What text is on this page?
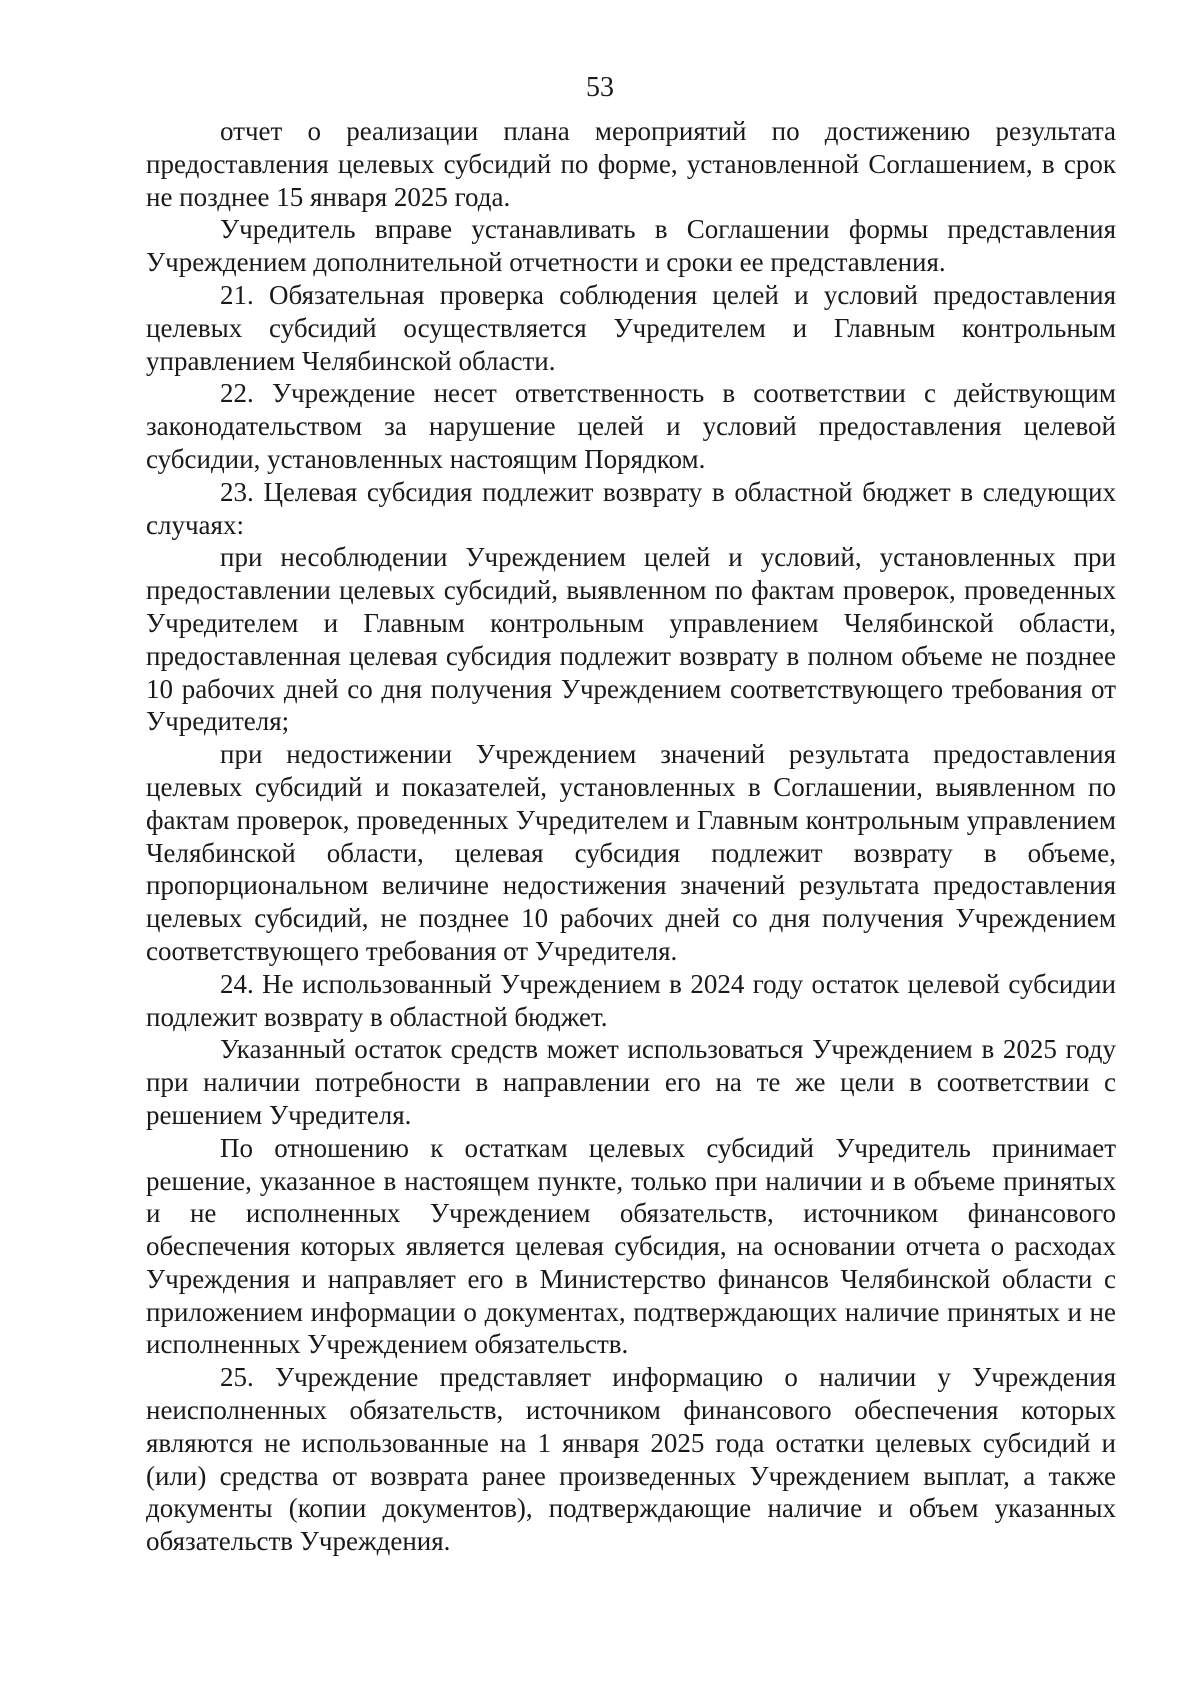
53

отчет о реализации плана мероприятий по достижению результата предоставления целевых субсидий по форме, установленной Соглашением, в срок не позднее 15 января 2025 года.

Учредитель вправе устанавливать в Соглашении формы представления Учреждением дополнительной отчетности и сроки ее представления.

21. Обязательная проверка соблюдения целей и условий предоставления целевых субсидий осуществляется Учредителем и Главным контрольным управлением Челябинской области.

22. Учреждение несет ответственность в соответствии с действующим законодательством за нарушение целей и условий предоставления целевой субсидии, установленных настоящим Порядком.

23. Целевая субсидия подлежит возврату в областной бюджет в следующих случаях:

при несоблюдении Учреждением целей и условий, установленных при предоставлении целевых субсидий, выявленном по фактам проверок, проведенных Учредителем и Главным контрольным управлением Челябинской области, предоставленная целевая субсидия подлежит возврату в полном объеме не позднее 10 рабочих дней со дня получения Учреждением соответствующего требования от Учредителя;

при недостижении Учреждением значений результата предоставления целевых субсидий и показателей, установленных в Соглашении, выявленном по фактам проверок, проведенных Учредителем и Главным контрольным управлением Челябинской области, целевая субсидия подлежит возврату в объеме, пропорциональном величине недостижения значений результата предоставления целевых субсидий, не позднее 10 рабочих дней со дня получения Учреждением соответствующего требования от Учредителя.

24. Не использованный Учреждением в 2024 году остаток целевой субсидии подлежит возврату в областной бюджет.

Указанный остаток средств может использоваться Учреждением в 2025 году при наличии потребности в направлении его на те же цели в соответствии с решением Учредителя.

По отношению к остаткам целевых субсидий Учредитель принимает решение, указанное в настоящем пункте, только при наличии и в объеме принятых и не исполненных Учреждением обязательств, источником финансового обеспечения которых является целевая субсидия, на основании отчета о расходах Учреждения и направляет его в Министерство финансов Челябинской области с приложением информации о документах, подтверждающих наличие принятых и не исполненных Учреждением обязательств.

25. Учреждение представляет информацию о наличии у Учреждения неисполненных обязательств, источником финансового обеспечения которых являются не использованные на 1 января 2025 года остатки целевых субсидий и (или) средства от возврата ранее произведенных Учреждением выплат, а также документы (копии документов), подтверждающие наличие и объем указанных обязательств Учреждения.
